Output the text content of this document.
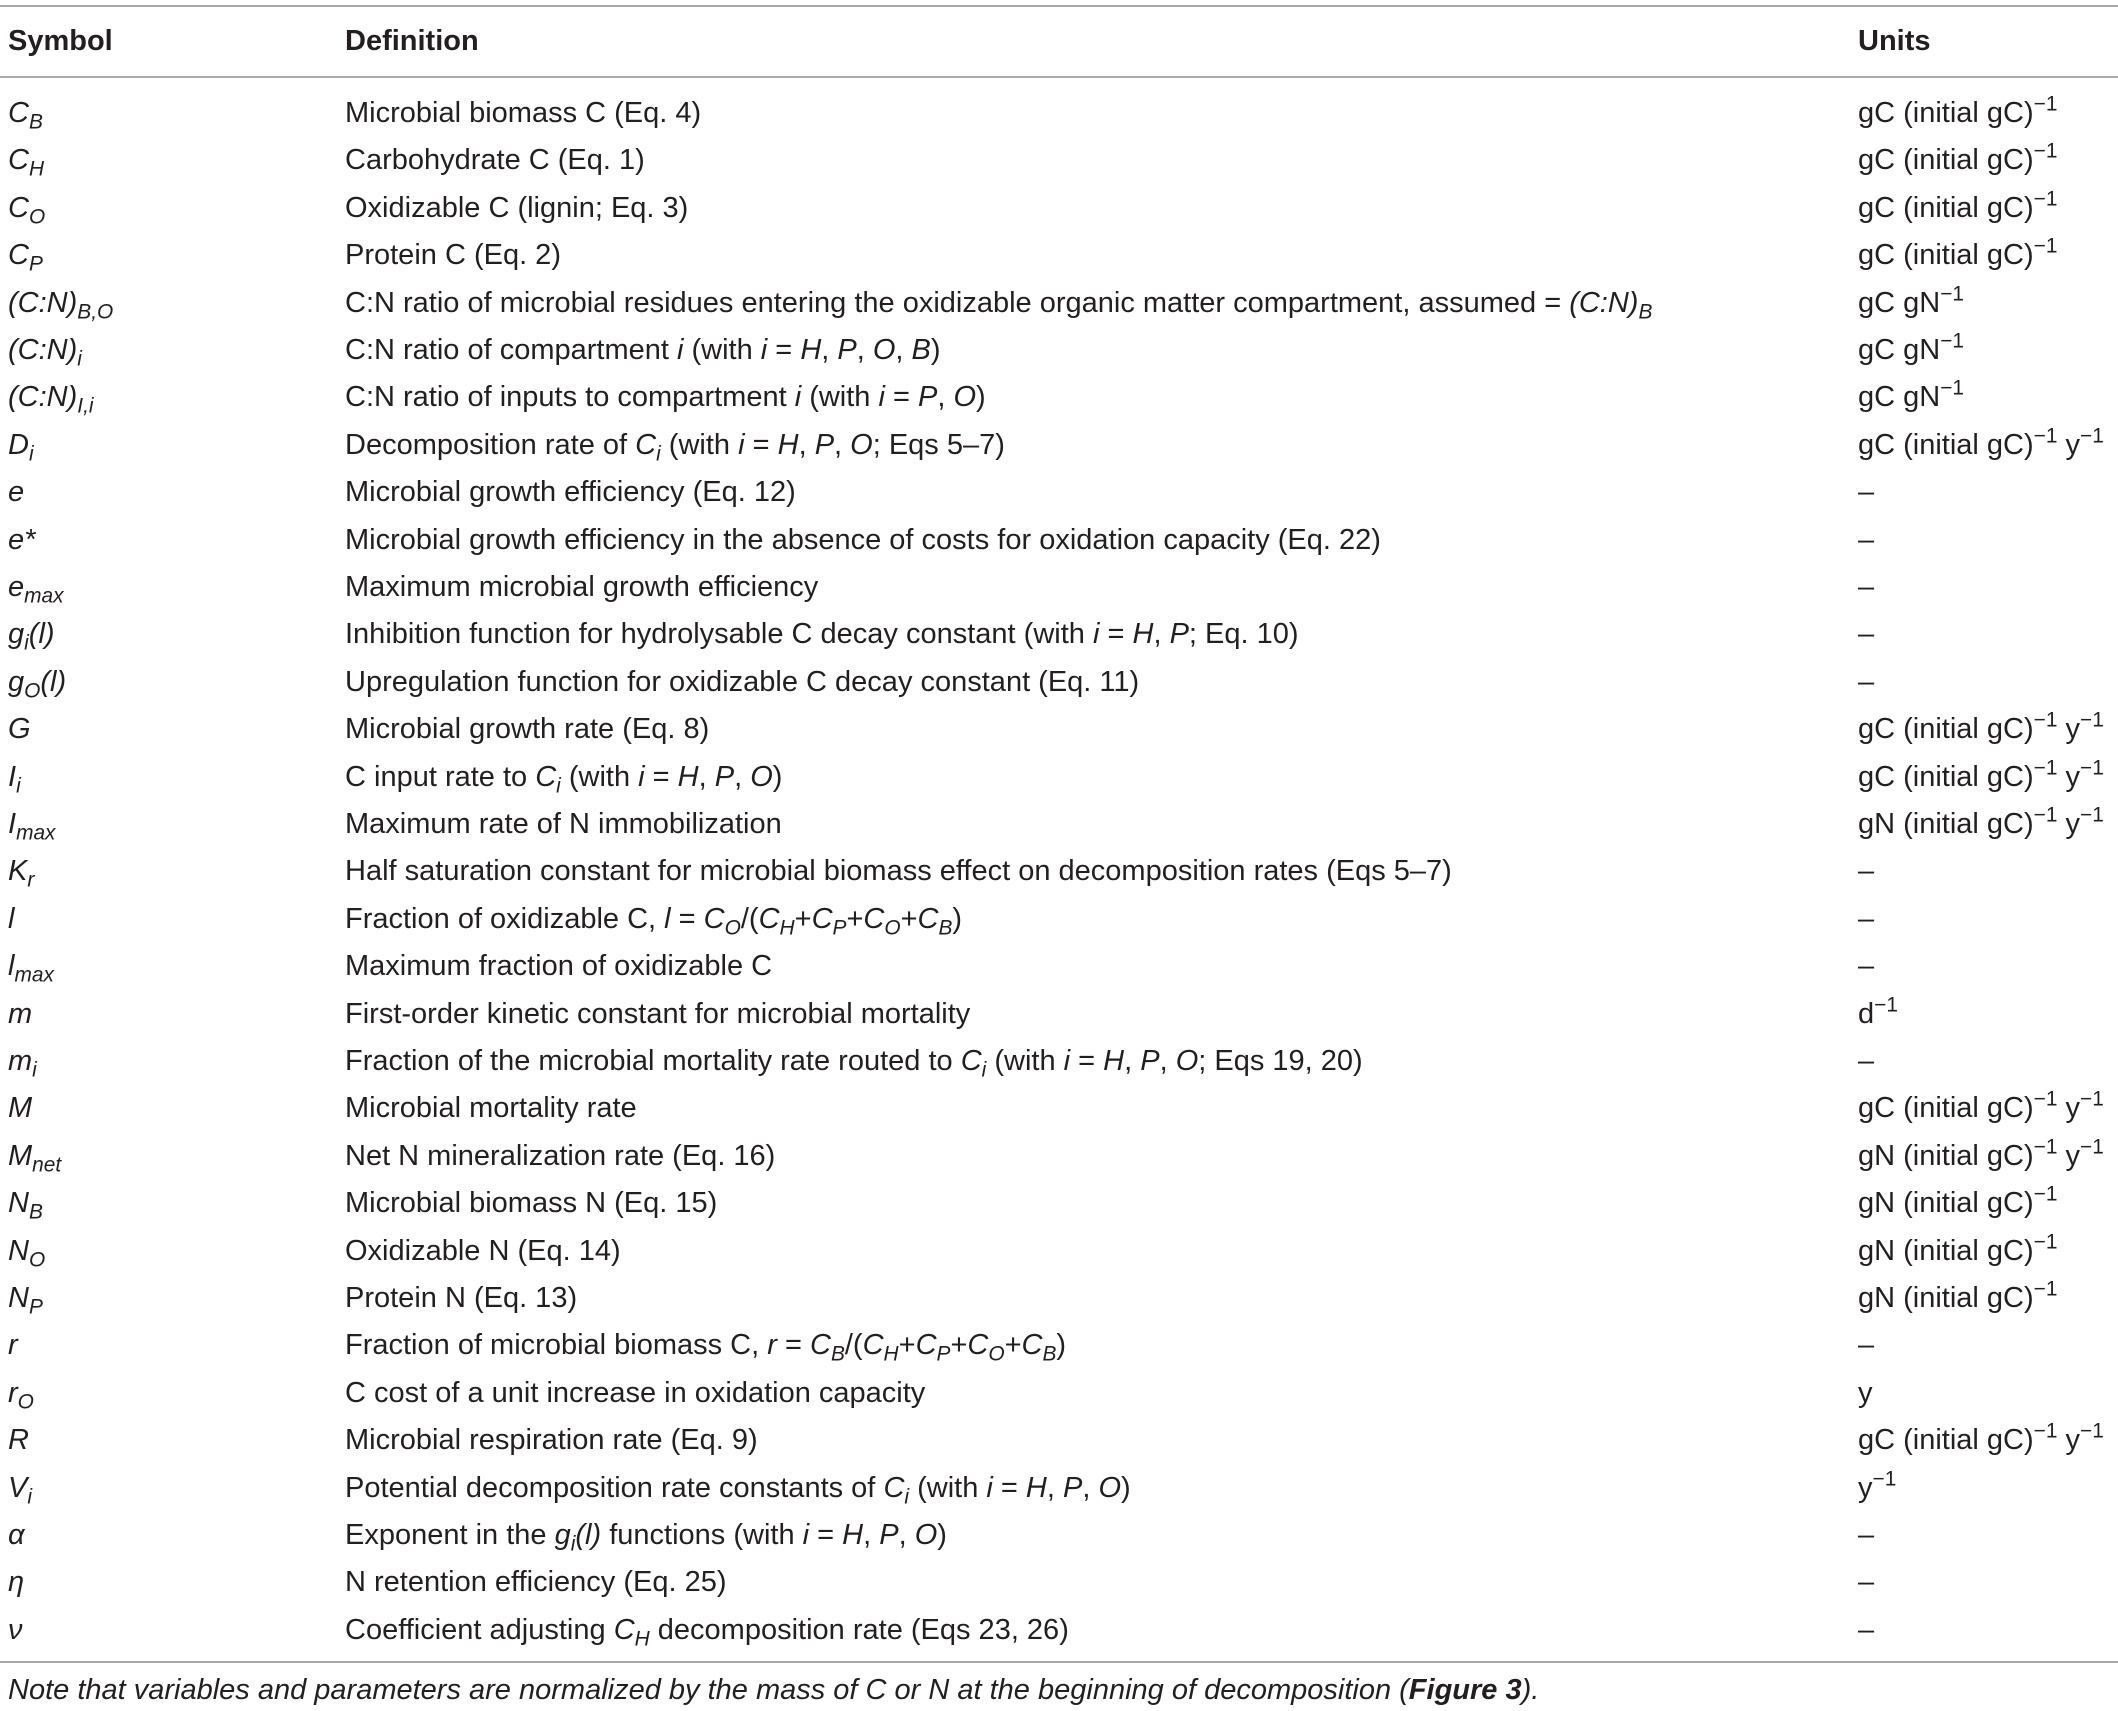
Symbol	Definition	Units
$C_B$	Microbial biomass C (Eq. 4)	gC (initial gC)$^{-1}$
$C_H$	Carbohydrate C (Eq. 1)	gC (initial gC)$^{-1}$
$C_O$	Oxidizable C (lignin; Eq. 3)	gC (initial gC)$^{-1}$
$C_P$	Protein C (Eq. 2)	gC (initial gC)$^{-1}$
$(C:N)_{B,O}$	C:N ratio of microbial residues entering the oxidizable organic matter compartment, assumed = $(C:N)_B$	gC $gN^{-1}$
$(C:N)_i$	C:N ratio of compartment i (with i = H, P, O, B)	gC $gN^{-1}$
$(C:N)_{I,i}$	C:N ratio of inputs to compartment i (with i = P, O)	gC $gN^{-1}$
$D_i$	Decomposition rate of $C_i$ (with i = H, P, O; Eqs 5–7)	gC (initial gC)$^{-1}$ $y^{-1}$
e	Microbial growth efficiency (Eq. 12)	–
e*	Microbial growth efficiency in the absence of costs for oxidation capacity (Eq. 22)	–
$e_{max}$	Maximum microbial growth efficiency	–
$g_i(l)$	Inhibition function for hydrolysable C decay constant (with i = H, P; Eq. 10)	–
$g_O(l)$	Upregulation function for oxidizable C decay constant (Eq. 11)	–
G	Microbial growth rate (Eq. 8)	gC (initial gC)$^{-1}$ $y^{-1}$
$I_i$	C input rate to $C_i$ (with i = H, P, O)	gC (initial gC)$^{-1}$ $y^{-1}$
$I_{max}$	Maximum rate of N immobilization	gN (initial gC)$^{-1}$ $y^{-1}$
$K_r$	Half saturation constant for microbial biomass effect on decomposition rates (Eqs 5–7)	–
l	Fraction of oxidizable C, $l = C_O/(C_H+C_P+C_O+C_B)$	–
$l_{max}$	Maximum fraction of oxidizable C	–
m	First-order kinetic constant for microbial mortality	$d^{-1}$
$m_i$	Fraction of the microbial mortality rate routed to $C_i$ (with i = H, P, O; Eqs 19, 20)	–
M	Microbial mortality rate	gC (initial gC)$^{-1}$ $y^{-1}$
$M_{net}$	Net N mineralization rate (Eq. 16)	gN (initial gC)$^{-1}$ $y^{-1}$
$N_B$	Microbial biomass N (Eq. 15)	gN (initial gC)$^{-1}$
$N_O$	Oxidizable N (Eq. 14)	gN (initial gC)$^{-1}$
$N_P$	Protein N (Eq. 13)	gN (initial gC)$^{-1}$
r	Fraction of microbial biomass C, $r = C_B/(C_H+C_P+C_O+C_B)$	–
$r_O$	C cost of a unit increase in oxidation capacity	y
R	Microbial respiration rate (Eq. 9)	gC (initial gC)$^{-1}$ $y^{-1}$
$V_i$	Potential decomposition rate constants of $C_i$ (with i = H, P, O)	$y^{-1}$
α	Exponent in the $g_i(l)$ functions (with i = H, P, O)	–
η	N retention efficiency (Eq. 25)	–
ν	Coefficient adjusting $C_H$ decomposition rate (Eqs 23, 26)	–
Note that variables and parameters are normalized by the mass of C or N at the beginning of decomposition (Figure 3).
